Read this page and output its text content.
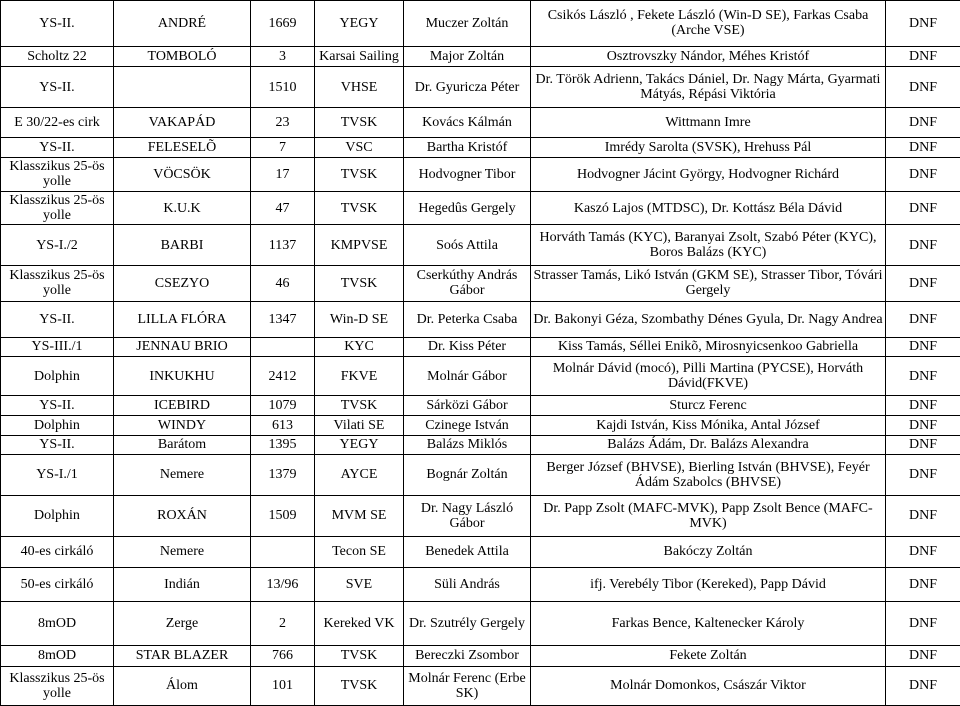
YS-II.	ANDRÉ	1669	YEGY	Muczer Zoltán	Csikós László , Fekete László (Win-D SE), Farkas Csaba (Arche VSE)	DNF
Scholtz 22	TOMBOLÓ	3	Karsai Sailing	Major Zoltán	Osztrovszky Nándor, Méhes Kristóf	DNF
YS-II.		1510	VHSE	Dr. Gyuricza Péter	Dr. Török Adrienn, Takács Dániel, Dr. Nagy Márta, Gyarmati Mátyás, Répási Viktória	DNF
E 30/22-es cirk	VAKAPÁD	23	TVSK	Kovács Kálmán	Wittmann Imre	DNF
YS-II.	FELESELÕ	7	VSC	Bartha Kristóf	Imrédy Sarolta (SVSK), Hrehuss Pál	DNF
Klasszikus 25-ös yolle	VÖCSÖK	17	TVSK	Hodvogner Tibor	Hodvogner Jácint György, Hodvogner Richárd	DNF
Klasszikus 25-ös yolle	K.U.K	47	TVSK	Hegedûs Gergely	Kaszó Lajos (MTDSC), Dr. Kottász Béla Dávid	DNF
YS-I./2	BARBI	1137	KMPVSE	Soós Attila	Horváth Tamás (KYC), Baranyai Zsolt, Szabó Péter (KYC), Boros Balázs (KYC)	DNF
Klasszikus 25-ös yolle	CSEZYO	46	TVSK	Cserkúthy András Gábor	Strasser Tamás, Likó István (GKM SE), Strasser Tibor, Tóvári Gergely	DNF
YS-II.	LILLA FLÓRA	1347	Win-D SE	Dr. Peterka Csaba	Dr. Bakonyi Géza, Szombathy Dénes Gyula, Dr. Nagy Andrea	DNF
YS-III./1	JENNAU BRIO		KYC	Dr. Kiss Péter	Kiss Tamás, Séllei Enikõ, Mirosnyicsenkoo Gabriella	DNF
Dolphin	INKUKHU	2412	FKVE	Molnár Gábor	Molnár Dávid (mocó), Pilli Martina (PYCSE), Horváth Dávid(FKVE)	DNF
YS-II.	ICEBIRD	1079	TVSK	Sárközi Gábor	Sturcz Ferenc	DNF
Dolphin	WINDY	613	Vilati SE	Czinege István	Kajdi István, Kiss Mónika, Antal József	DNF
YS-II.	Barátom	1395	YEGY	Balázs Miklós	Balázs Ádám, Dr. Balázs Alexandra	DNF
YS-I./1	Nemere	1379	AYCE	Bognár Zoltán	Berger József (BHVSE), Bierling István (BHVSE), Feyér Ádám Szabolcs (BHVSE)	DNF
Dolphin	ROXÁN	1509	MVM SE	Dr. Nagy László Gábor	Dr. Papp Zsolt (MAFC-MVK), Papp Zsolt Bence (MAFC-MVK)	DNF
40-es cirkáló	Nemere		Tecon SE	Benedek Attila	Bakóczy Zoltán	DNF
50-es cirkáló	Indián	13/96	SVE	Süli András	ifj. Verebély Tibor (Kereked), Papp Dávid	DNF
8mOD	Zerge	2	Kereked VK	Dr. Szutrély Gergely	Farkas Bence, Kaltenecker Károly	DNF
8mOD	STAR BLAZER	766	TVSK	Bereczki Zsombor	Fekete Zoltán	DNF
Klasszikus 25-ös yolle	Álom	101	TVSK	Molnár Ferenc (Erbe SK)	Molnár Domonkos, Császár Viktor	DNF
